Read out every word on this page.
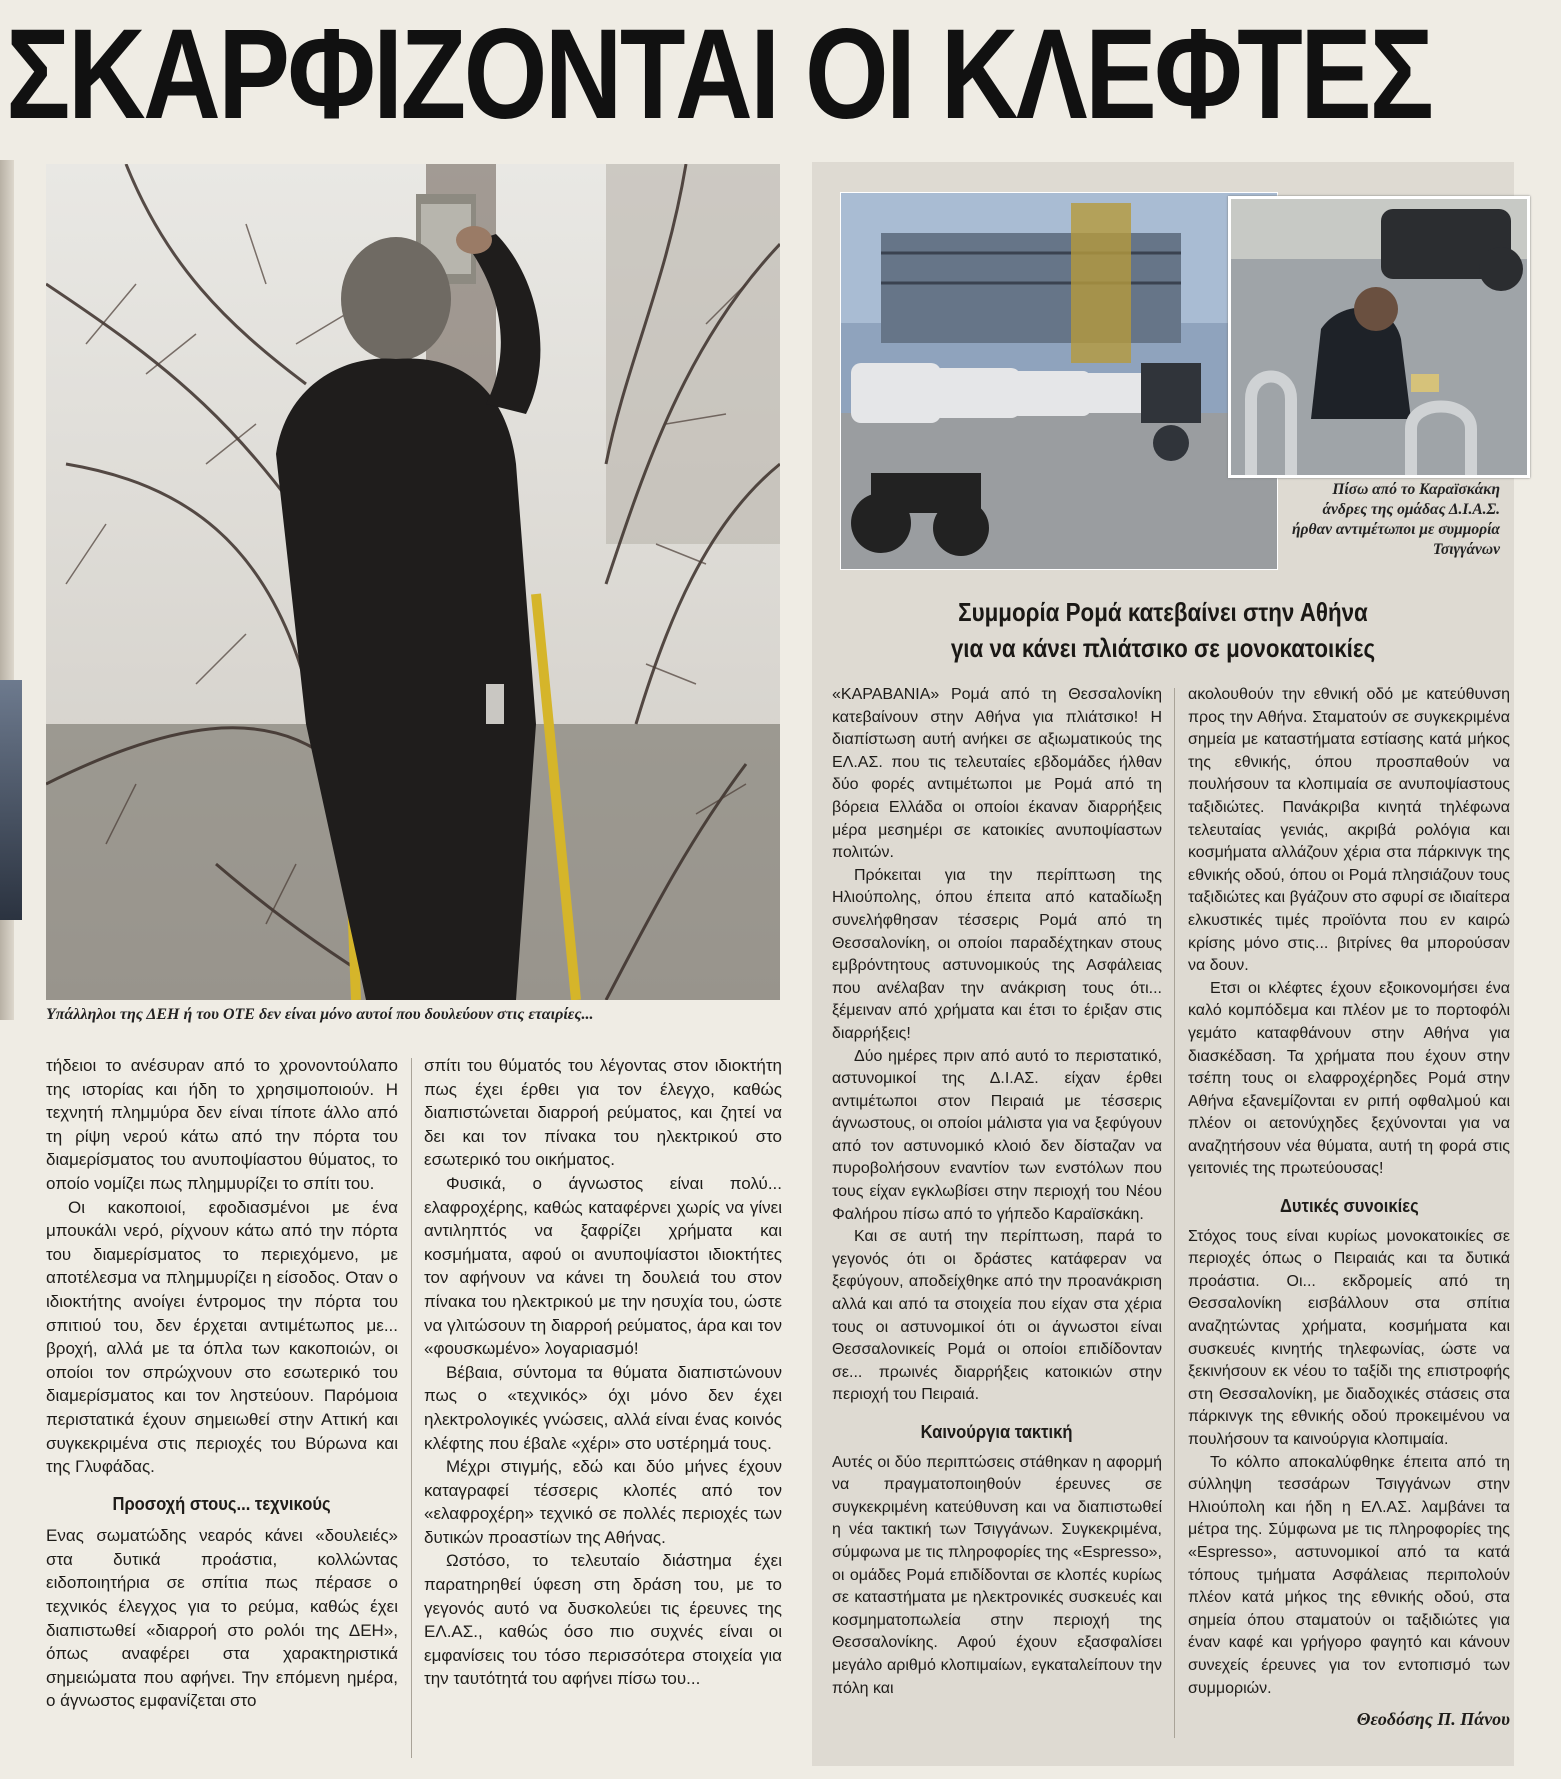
ΣΚΑΡΦΙΖΟΝΤΑΙ ΟΙ ΚΛΕΦΤΕΣ
Υπάλληλοι της ΔΕΗ ή του ΟΤΕ δεν είναι μόνο αυτοί που δουλεύουν στις εταιρίες...

τήδειοι το ανέσυραν από το χρονοντούλαπο της ιστορίας και ήδη το χρησιμοποιούν. Η τεχνητή πλημμύρα δεν είναι τίποτε άλλο από τη ρίψη νερού κάτω από την πόρτα του διαμερίσματος του ανυποψίαστου θύματος, το οποίο νομίζει πως πλημμυρίζει το σπίτι του.

Οι κακοποιοί, εφοδιασμένοι με ένα μπουκάλι νερό, ρίχνουν κάτω από την πόρτα του διαμερίσματος το περιεχόμενο, με αποτέλεσμα να πλημμυρίζει η είσοδος. Οταν ο ιδιοκτήτης ανοίγει έντρομος την πόρτα του σπιτιού του, δεν έρχεται αντιμέτωπος με... βροχή, αλλά με τα όπλα των κακοποιών, οι οποίοι τον σπρώχνουν στο εσωτερικό του διαμερίσματος και τον ληστεύουν. Παρόμοια περιστατικά έχουν σημειωθεί στην Αττική και συγκεκριμένα στις περιοχές του Βύρωνα και της Γλυφάδας.

Προσοχή στους... τεχνικούς

Ενας σωματώδης νεαρός κάνει «δουλειές» στα δυτικά προάστια, κολλώντας ειδοποιητήρια σε σπίτια πως πέρασε ο τεχνικός έλεγχος για το ρεύμα, καθώς έχει διαπιστωθεί «διαρροή στο ρολόι της ΔΕΗ», όπως αναφέρει στα χαρακτηριστικά σημειώματα που αφήνει. Την επόμενη ημέρα, ο άγνωστος εμφανίζεται στο

σπίτι του θύματός του λέγοντας στον ιδιοκτήτη πως έχει έρθει για τον έλεγχο, καθώς διαπιστώνεται διαρροή ρεύματος, και ζητεί να δει και τον πίνακα του ηλεκτρικού στο εσωτερικό του οικήματος.

Φυσικά, ο άγνωστος είναι πολύ... ελαφροχέρης, καθώς καταφέρνει χωρίς να γίνει αντιληπτός να ξαφρίζει χρήματα και κοσμήματα, αφού οι ανυποψίαστοι ιδιοκτήτες τον αφήνουν να κάνει τη δουλειά του στον πίνακα του ηλεκτρικού με την ησυχία του, ώστε να γλιτώσουν τη διαρροή ρεύματος, άρα και τον «φουσκωμένο» λογαριασμό!

Βέβαια, σύντομα τα θύματα διαπιστώνουν πως ο «τεχνικός» όχι μόνο δεν έχει ηλεκτρολογικές γνώσεις, αλλά είναι ένας κοινός κλέφτης που έβαλε «χέρι» στο υστέρημά τους.

Μέχρι στιγμής, εδώ και δύο μήνες έχουν καταγραφεί τέσσερις κλοπές από τον «ελαφροχέρη» τεχνικό σε πολλές περιοχές των δυτικών προαστίων της Αθήνας.

Ωστόσο, το τελευταίο διάστημα έχει παρατηρηθεί ύφεση στη δράση του, με το γεγονός αυτό να δυσκολεύει τις έρευνες της ΕΛ.ΑΣ., καθώς όσο πιο συχνές είναι οι εμφανίσεις του τόσο περισσότερα στοιχεία για την ταυτότητά του αφήνει πίσω του...

Πίσω από το Καραϊσκάκη άνδρες της ομάδας Δ.Ι.Α.Σ. ήρθαν αντιμέτωποι με συμμορία Τσιγγάνων
Συμμορία Ρομά κατεβαίνει στην Αθήνα
για να κάνει πλιάτσικο σε μονοκατοικίες

«ΚΑΡΑΒΑΝΙΑ» Ρομά από τη Θεσσαλονίκη κατεβαίνουν στην Αθήνα για πλιάτσικο! Η διαπίστωση αυτή ανήκει σε αξιωματικούς της ΕΛ.ΑΣ. που τις τελευταίες εβδομάδες ήλθαν δύο φορές αντιμέτωποι με Ρομά από τη βόρεια Ελλάδα οι οποίοι έκαναν διαρρήξεις μέρα μεσημέρι σε κατοικίες ανυποψίαστων πολιτών.

Πρόκειται για την περίπτωση της Ηλιούπολης, όπου έπειτα από καταδίωξη συνελήφθησαν τέσσερις Ρομά από τη Θεσσαλονίκη, οι οποίοι παραδέχτηκαν στους εμβρόντητους αστυνομικούς της Ασφάλειας που ανέλαβαν την ανάκριση τους ότι... ξέμειναν από χρήματα και έτσι το έριξαν στις διαρρήξεις!

Δύο ημέρες πριν από αυτό το περιστατικό, αστυνομικοί της Δ.Ι.ΑΣ. είχαν έρθει αντιμέτωποι στον Πειραιά με τέσσερις άγνωστους, οι οποίοι μάλιστα για να ξεφύγουν από τον αστυνομικό κλοιό δεν δίσταζαν να πυροβολήσουν εναντίον των ενστόλων που τους είχαν εγκλωβίσει στην περιοχή του Νέου Φαλήρου πίσω από το γήπεδο Καραϊσκάκη.

Και σε αυτή την περίπτωση, παρά το γεγονός ότι οι δράστες κατάφεραν να ξεφύγουν, αποδείχθηκε από την προανάκριση αλλά και από τα στοιχεία που είχαν στα χέρια τους οι αστυνομικοί ότι οι άγνωστοι είναι Θεσσαλονικείς Ρομά οι οποίοι επιδίδονταν σε... πρωινές διαρρήξεις κατοικιών στην περιοχή του Πειραιά.

Καινούργια τακτική

Αυτές οι δύο περιπτώσεις στάθηκαν η αφορμή να πραγματοποιηθούν έρευνες σε συγκεκριμένη κατεύθυνση και να διαπιστωθεί η νέα τακτική των Τσιγγάνων. Συγκεκριμένα, σύμφωνα με τις πληροφορίες της «Espresso», οι ομάδες Ρομά επιδίδονται σε κλοπές κυρίως σε καταστήματα με ηλεκτρονικές συσκευές και κοσμηματοπωλεία στην περιοχή της Θεσσαλονίκης. Αφού έχουν εξασφαλίσει μεγάλο αριθμό κλοπιμαίων, εγκαταλείπουν την πόλη και

ακολουθούν την εθνική οδό με κατεύθυνση προς την Αθήνα. Σταματούν σε συγκεκριμένα σημεία με καταστήματα εστίασης κατά μήκος της εθνικής, όπου προσπαθούν να πουλήσουν τα κλοπιμαία σε ανυποψίαστους ταξιδιώτες. Πανάκριβα κινητά τηλέφωνα τελευταίας γενιάς, ακριβά ρολόγια και κοσμήματα αλλάζουν χέρια στα πάρκινγκ της εθνικής οδού, όπου οι Ρομά πλησιάζουν τους ταξιδιώτες και βγάζουν στο σφυρί σε ιδιαίτερα ελκυστικές τιμές προϊόντα που εν καιρώ κρίσης μόνο στις... βιτρίνες θα μπορούσαν να δουν.

Ετσι οι κλέφτες έχουν εξοικονομήσει ένα καλό κομπόδεμα και πλέον με το πορτοφόλι γεμάτο καταφθάνουν στην Αθήνα για διασκέδαση. Τα χρήματα που έχουν στην τσέπη τους οι ελαφροχέρηδες Ρομά στην Αθήνα εξανεμίζονται εν ριπή οφθαλμού και πλέον οι αετονύχηδες ξεχύνονται για να αναζητήσουν νέα θύματα, αυτή τη φορά στις γειτονιές της πρωτεύουσας!

Δυτικές συνοικίες

Στόχος τους είναι κυρίως μονοκατοικίες σε περιοχές όπως ο Πειραιάς και τα δυτικά προάστια. Οι... εκδρομείς από τη Θεσσαλονίκη εισβάλλουν στα σπίτια αναζητώντας χρήματα, κοσμήματα και συσκευές κινητής τηλεφωνίας, ώστε να ξεκινήσουν εκ νέου το ταξίδι της επιστροφής στη Θεσσαλονίκη, με διαδοχικές στάσεις στα πάρκινγκ της εθνικής οδού προκειμένου να πουλήσουν τα καινούργια κλοπιμαία.

Το κόλπο αποκαλύφθηκε έπειτα από τη σύλληψη τεσσάρων Τσιγγάνων στην Ηλιούπολη και ήδη η ΕΛ.ΑΣ. λαμβάνει τα μέτρα της. Σύμφωνα με τις πληροφορίες της «Espresso», αστυνομικοί από τα κατά τόπους τμήματα Ασφάλειας περιπολούν πλέον κατά μήκος της εθνικής οδού, στα σημεία όπου σταματούν οι ταξιδιώτες για έναν καφέ και γρήγορο φαγητό και κάνουν συνεχείς έρευνες για τον εντοπισμό των συμμοριών.

Θεοδόσης Π. Πάνου
